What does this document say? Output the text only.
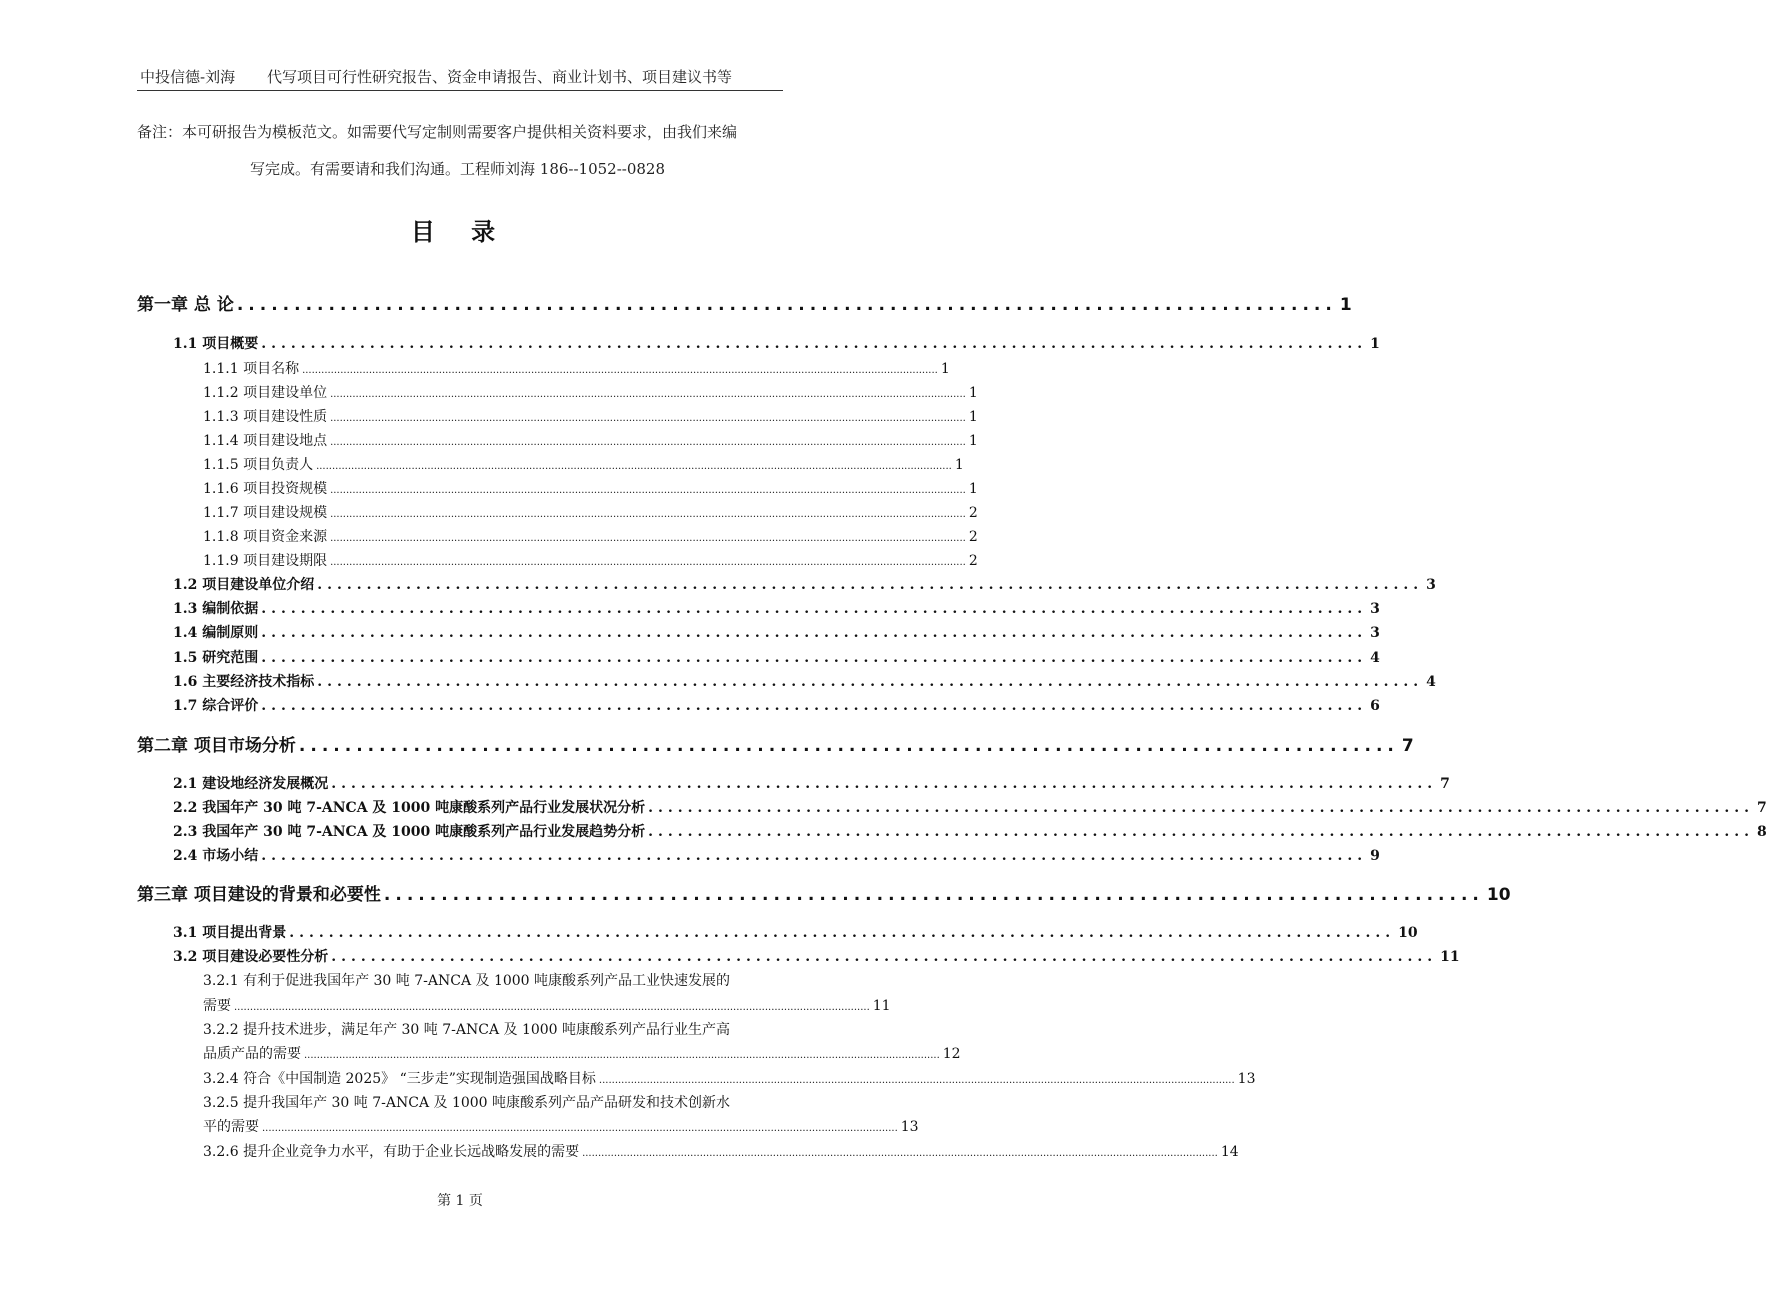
中投信德-刘海 代写项目可行性研究报告、资金申请报告、商业计划书、项目建议书等
备注：本可研报告为模板范文。如需要代写定制则需要客户提供相关资料要求，由我们来编
写完成。有需要请和我们沟通。工程师刘海 186--1052--0828
目 录
第一章 总 论 ................................................................................................ 1
1.1 项目概要 ................................................................................................................ 1
1.1.1 项目名称 ........................................................................................................................................................................................................ 1
1.1.2 项目建设单位 ........................................................................................................................................................................................................ 1
1.1.3 项目建设性质 ........................................................................................................................................................................................................ 1
1.1.4 项目建设地点 ........................................................................................................................................................................................................ 1
1.1.5 项目负责人 ........................................................................................................................................................................................................ 1
1.1.6 项目投资规模 ........................................................................................................................................................................................................ 1
1.1.7 项目建设规模 ........................................................................................................................................................................................................ 2
1.1.8 项目资金来源 ........................................................................................................................................................................................................ 2
1.1.9 项目建设期限 ........................................................................................................................................................................................................ 2
1.2 项目建设单位介绍 ................................................................................................................ 3
1.3 编制依据 ................................................................................................................ 3
1.4 编制原则 ................................................................................................................ 3
1.5 研究范围 ................................................................................................................ 4
1.6 主要经济技术指标 ................................................................................................................ 4
1.7 综合评价 ................................................................................................................ 6
第二章 项目市场分析 ................................................................................................ 7
2.1 建设地经济发展概况 ................................................................................................................ 7
2.2 我国年产 30 吨 7-ANCA 及 1000 吨康酸系列产品行业发展状况分析 ................................................................................................................ 7
2.3 我国年产 30 吨 7-ANCA 及 1000 吨康酸系列产品行业发展趋势分析 ................................................................................................................ 8
2.4 市场小结 ................................................................................................................ 9
第三章 项目建设的背景和必要性 ................................................................................................ 10
3.1 项目提出背景 ................................................................................................................ 10
3.2 项目建设必要性分析 ................................................................................................................ 11
3.2.1 有利于促进我国年产 30 吨 7-ANCA 及 1000 吨康酸系列产品工业快速发展的
需要 ........................................................................................................................................................................................................ 11
3.2.2 提升技术进步，满足年产 30 吨 7-ANCA 及 1000 吨康酸系列产品行业生产高
品质产品的需要 ........................................................................................................................................................................................................ 12
3.2.4 符合《中国制造 2025》 “三步走”实现制造强国战略目标 ........................................................................................................................................................................................................ 13
3.2.5 提升我国年产 30 吨 7-ANCA 及 1000 吨康酸系列产品产品研发和技术创新水
平的需要 ........................................................................................................................................................................................................ 13
3.2.6 提升企业竞争力水平，有助于企业长远战略发展的需要 ........................................................................................................................................................................................................ 14
第 1 页
